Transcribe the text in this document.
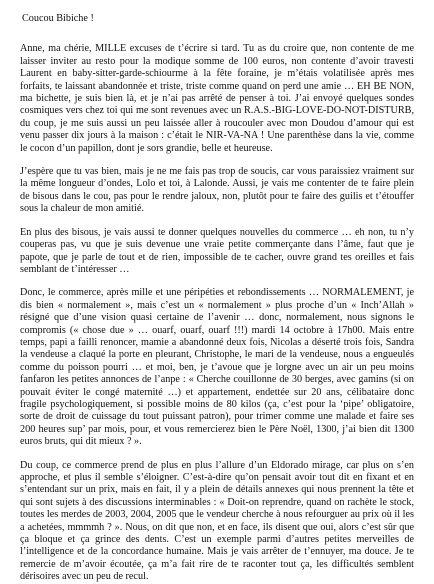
Coucou Bibiche !

Anne, ma chérie, MILLE excuses de t’écrire si tard. Tu as du croire que, non contente de me laisser inviter au resto pour la modique somme de 100 euros, non contente d’avoir travesti Laurent en baby-sitter-garde-schiourme à la fête foraine, je m’étais volatilisée après mes forfaits, te laissant abandonnée et triste, triste comme quand on perd une amie … EH BE NON, ma bichette, je suis bien là, et je n’ai pas arrêté de penser à toi. J’ai envoyé quelques sondes cosmiques vers chez toi qui me sont revenues avec un R.A.S.-BIG-LOVE-DO-NOT-DISTURB, du coup, je me suis aussi un peu laissée aller à roucouler avec mon Doudou d’amour qui est venu passer dix jours à la maison : c’était le NIR-VA-NA ! Une parenthèse dans la vie, comme le cocon d’un papillon, dont je sors grandie, belle et heureuse.

J’espère que tu vas bien, mais je ne me fais pas trop de soucis, car vous paraissiez vraiment sur la même longueur d’ondes, Lolo et toi, à Lalonde. Aussi, je vais me contenter de te faire plein de bisous dans le cou, pas pour le rendre jaloux, non, plutôt pour te faire des guilis et t’étouffer sous la chaleur de mon amitié.

En plus des bisous, je vais aussi te donner quelques nouvelles du commerce … eh non, tu n’y couperas pas, vu que je suis devenue une vraie petite commerçante dans l’âme, faut que je papote, que je parle de tout et de rien, impossible de te cacher, ouvre grand tes oreilles et fais semblant de t’intéresser …

Donc, le commerce, après mille et une péripéties et rebondissements … NORMALEMENT, je dis bien « normalement », mais c’est un « normalement » plus proche d’un « Inch’Allah » résigné que d’une vision quasi certaine de l’avenir … donc, normalement, nous signons le compromis (« chose due » … ouarf, ouarf, ouarf !!!) mardi 14 octobre à 17h00. Mais entre temps, papi a failli renoncer, mamie a abandonné deux fois, Nicolas a déserté trois fois, Sandra la vendeuse a claqué la porte en pleurant, Christophe, le mari de la vendeuse, nous a engueulés comme du poisson pourri … et moi, ben, je t’avoue que je lorgne avec un air un peu moins fanfaron les petites annonces de l’anpe : « Cherche couillonne de 30 berges, avec gamins (si on pouvait éviter le congé maternité …) et appartement, endettée sur 20 ans, célibataire donc fragile psychologiquement, si possible moins de 80 kilos (ça, c’est pour la ‘pipe’ obligatoire, sorte de droit de cuissage du tout puissant patron), pour trimer comme une malade et faire ses 200 heures sup’ par mois, pour, et vous remercierez bien le Père Noël, 1300, j’ai bien dit 1300 euros bruts, qui dit mieux ? ».

Du coup, ce commerce prend de plus en plus l’allure d’un Eldorado mirage, car plus on s’en approche, et plus il semble s’éloigner. C’est-à-dire qu’on pensait avoir tout dit en fixant et en s’entendant sur un prix, mais en fait, il y a plein de détails annexes qui nous prennent la tête et qui sont sujets à des discussions interminables : « Doit-on reprendre, quand on rachète le stock, toutes les merdes de 2003, 2004, 2005 que le vendeur cherche à nous refourguer au prix où il les a achetées, mmmmh ? ». Nous, on dit que non, et en face, ils disent que oui, alors c’est sûr que ça bloque et ça grince des dents. C’est un exemple parmi d’autres petites merveilles de l’intelligence et de la concordance humaine. Mais je vais arrêter de t’ennuyer, ma douce. Je te remercie de m’avoir écoutée, ça m’a fait rire de te raconter tout ça, les difficultés semblent dérisoires avec un peu de recul.
